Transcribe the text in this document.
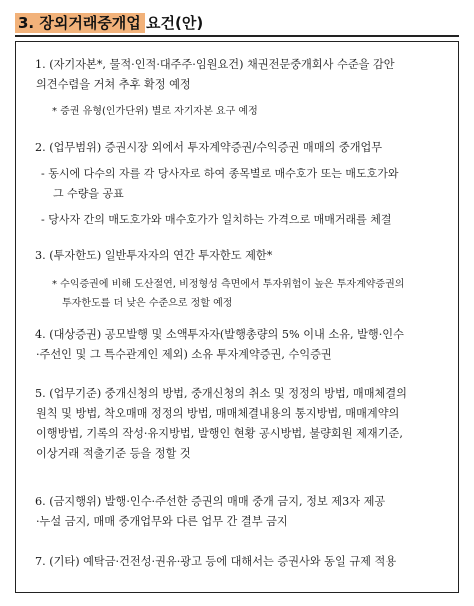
3. 장외거래중개업 요건(안)
1. (자기자본*, 물적·인적·대주주·임원요건) 채권전문중개회사 수준을 감안
의견수렴을 거쳐 추후 확정 예정
* 증권 유형(인가단위) 별로 자기자본 요구 예정
2. (업무범위) 증권시장 외에서 투자계약증권/수익증권 매매의 중개업무
- 동시에 다수의 자를 각 당사자로 하여 종목별로 매수호가 또는 매도호가와
그 수량을 공표
- 당사자 간의 매도호가와 매수호가가 일치하는 가격으로 매매거래를 체결
3. (투자한도) 일반투자자의 연간 투자한도 제한*
* 수익증권에 비해 도산절연, 비정형성 측면에서 투자위험이 높은 투자계약증권의
투자한도를 더 낮은 수준으로 정할 예정
4. (대상증권) 공모발행 및 소액투자자(발행총량의 5% 이내 소유, 발행·인수
·주선인 및 그 특수관계인 제외) 소유 투자계약증권, 수익증권
5. (업무기준) 중개신청의 방법, 중개신청의 취소 및 정정의 방법, 매매체결의
원칙 및 방법, 착오매매 정정의 방법, 매매체결내용의 통지방법, 매매계약의
이행방법, 기록의 작성·유지방법, 발행인 현황 공시방법, 불량회원 제재기준,
이상거래 적출기준 등을 정할 것
6. (금지행위) 발행·인수·주선한 증권의 매매 중개 금지, 정보 제3자 제공
·누설 금지, 매매 중개업무와 다른 업무 간 결부 금지
7. (기타) 예탁금·건전성·권유·광고 등에 대해서는 증권사와 동일 규제 적용
